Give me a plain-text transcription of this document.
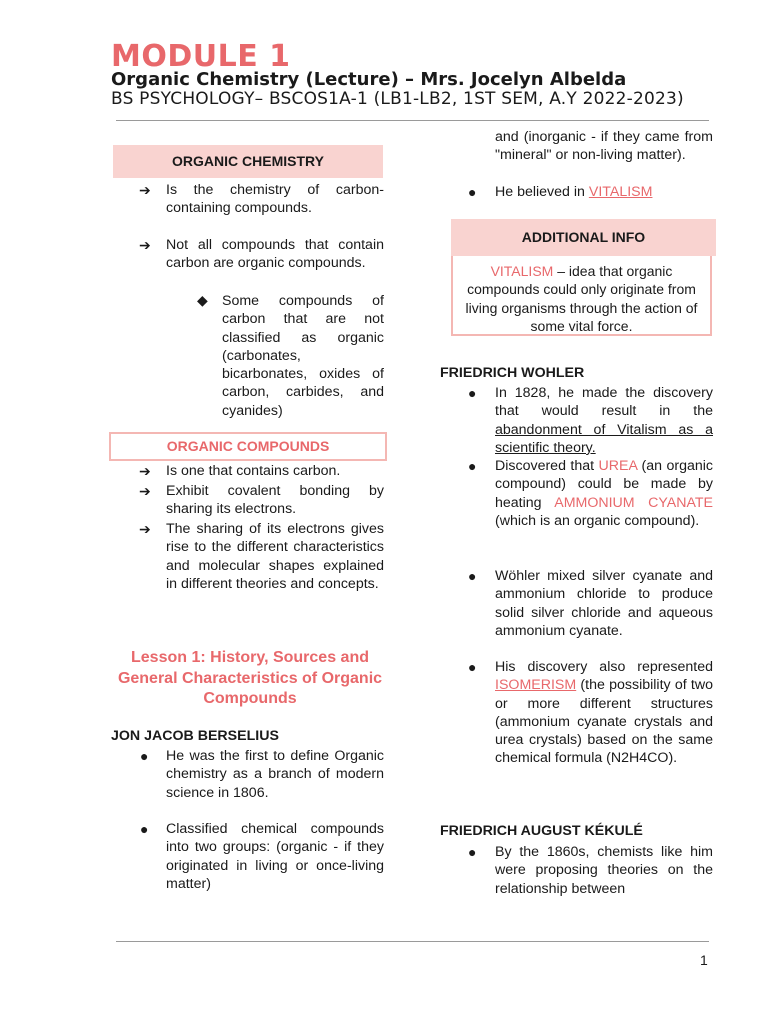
MODULE 1
Organic Chemistry (Lecture) – Mrs. Jocelyn Albelda
BS PSYCHOLOGY– BSCOS1A-1 (LB1-LB2, 1ST SEM, A.Y 2022-2023)
ORGANIC CHEMISTRY
➔ Is the chemistry of carbon-containing compounds.
➔ Not all compounds that contain carbon are organic compounds.
◆ Some compounds of carbon that are not classified as organic (carbonates, bicarbonates, oxides of carbon, carbides, and cyanides)
ORGANIC COMPOUNDS
➔ Is one that contains carbon.
➔ Exhibit covalent bonding by sharing its electrons.
➔ The sharing of its electrons gives rise to the different characteristics and molecular shapes explained in different theories and concepts.
Lesson 1: History, Sources and General Characteristics of Organic Compounds
JON JACOB BERSELIUS
● He was the first to define Organic chemistry as a branch of modern science in 1806.
● Classified chemical compounds into two groups: (organic - if they originated in living or once-living matter)
and (inorganic - if they came from "mineral" or non-living matter).
● He believed in VITALISM
ADDITIONAL INFO
VITALISM – idea that organic compounds could only originate from living organisms through the action of some vital force.
FRIEDRICH WOHLER
● In 1828, he made the discovery that would result in the abandonment of Vitalism as a scientific theory.
● Discovered that UREA (an organic compound) could be made by heating AMMONIUM CYANATE (which is an organic compound).
● Wöhler mixed silver cyanate and ammonium chloride to produce solid silver chloride and aqueous ammonium cyanate.
● His discovery also represented ISOMERISM (the possibility of two or more different structures (ammonium cyanate crystals and urea crystals) based on the same chemical formula (N2H4CO).
FRIEDRICH AUGUST KÉKULÉ
● By the 1860s, chemists like him were proposing theories on the relationship between
1
